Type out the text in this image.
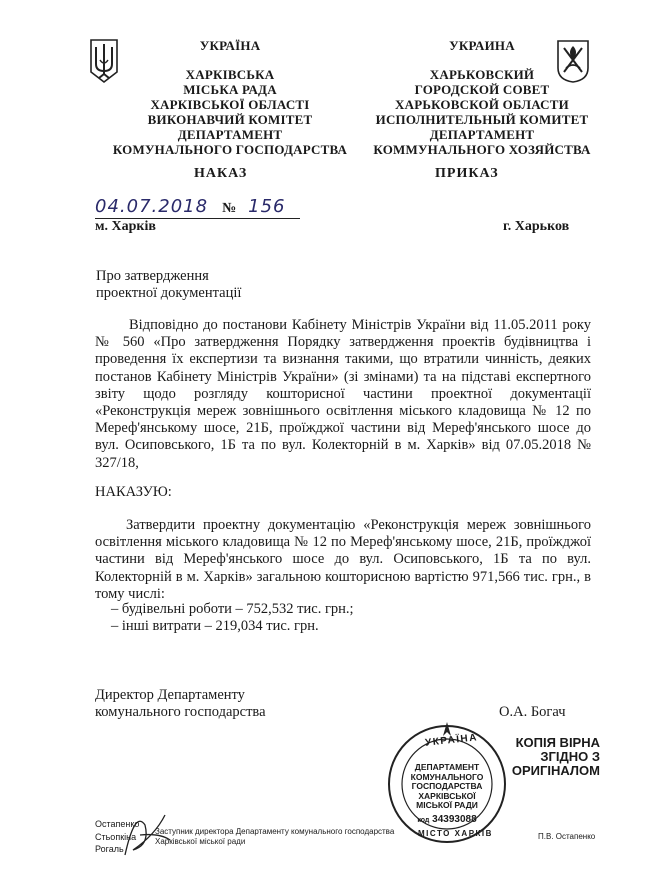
УКРАЇНА
ХАРКІВСЬКА
МІСЬКА РАДА
ХАРКІВСЬКОЇ ОБЛАСТІ
ВИКОНАВЧИЙ КОМІТЕТ
ДЕПАРТАМЕНТ
КОМУНАЛЬНОГО ГОСПОДАРСТВА
УКРАИНА
ХАРЬКОВСКИЙ
ГОРОДСКОЙ СОВЕТ
ХАРЬКОВСКОЙ ОБЛАСТИ
ИСПОЛНИТЕЛЬНЫЙ КОМИТЕТ
ДЕПАРТАМЕНТ
КОММУНАЛЬНОГО ХОЗЯЙСТВА
НАКАЗ	ПРИКАЗ
04.07.2018 № 156
м. Харків	г. Харьков
Про затвердження
проектної документації
Відповідно до постанови Кабінету Міністрів України від 11.05.2011 року № 560 «Про затвердження Порядку затвердження проектів будівництва і проведення їх експертизи та визнання такими, що втратили чинність, деяких постанов Кабінету Міністрів України» (зі змінами) та на підставі експертного звіту щодо розгляду кошторисної частини проектної документації «Реконструкція мереж зовнішнього освітлення міського кладовища № 12 по Мереф'янському шосе, 21Б, проїжджої частини від Мереф'янського шосе до вул. Осиповського, 1Б та по вул. Колекторній в м. Харків» від 07.05.2018 № 327/18,
НАКАЗУЮ:
Затвердити проектну документацію «Реконструкція мереж зовнішнього освітлення міського кладовища № 12 по Мереф'янському шосе, 21Б, проїжджої частини від Мереф'янського шосе до вул. Осиповського, 1Б та по вул. Колекторній в м. Харків» загальною кошторисною вартістю 971,566 тис. грн., в тому числі:
– будівельні роботи – 752,532 тис. грн.;
– інші витрати – 219,034 тис. грн.
Директор Департаменту
комунального господарства	О.А. Богач
УКРАЇНА
ДЕПАРТАМЕНТ
КОМУНАЛЬНОГО
ГОСПОДАРСТВА
ХАРКІВСЬКОЇ
МІСЬКОЇ РАДИ
код 34393088
МІСТО ХАРКІВ
КОПІЯ ВІРНА
ЗГІДНО З
ОРИГІНАЛОМ
Остапенко
Стьопкіна
Рогаль
Заступник директора Департаменту комунального господарства
Харківської міської ради
П.В. Остапенко
